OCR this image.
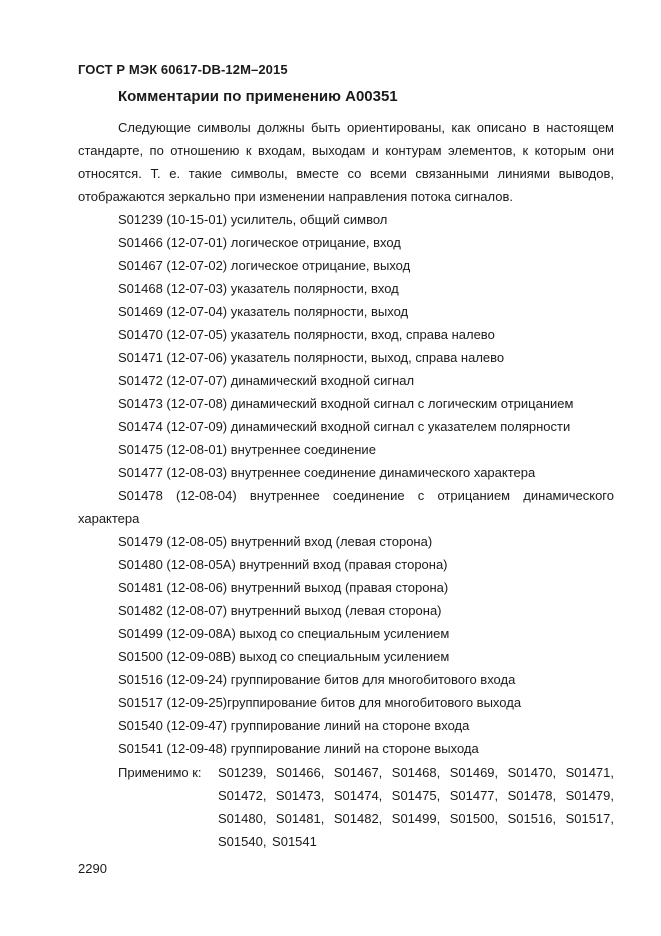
ГОСТ Р МЭК 60617-DB-12M–2015
Комментарии по применению A00351

Следующие символы должны быть ориентированы, как описано в настоящем стандарте, по отношению к входам, выходам и контурам элементов, к которым они относятся. Т. е. такие символы, вместе со всеми связанными линиями выводов, отображаются зеркально при изменении направления потока сигналов.

S01239 (10-15-01) усилитель, общий символ

S01466 (12-07-01) логическое отрицание, вход

S01467 (12-07-02) логическое отрицание, выход

S01468 (12-07-03) указатель полярности, вход

S01469 (12-07-04) указатель полярности, выход

S01470 (12-07-05) указатель полярности, вход, справа налево

S01471 (12-07-06) указатель полярности, выход, справа налево

S01472 (12-07-07) динамический входной сигнал

S01473 (12-07-08) динамический входной сигнал с логическим отрицанием

S01474 (12-07-09) динамический входной сигнал с указателем полярности

S01475 (12-08-01) внутреннее соединение

S01477 (12-08-03) внутреннее соединение динамического характера

S01478 (12-08-04) внутреннее соединение с отрицанием динамического характера

S01479 (12-08-05) внутренний вход (левая сторона)

S01480 (12-08-05A) внутренний вход (правая сторона)

S01481 (12-08-06) внутренний выход (правая сторона)

S01482 (12-08-07) внутренний выход (левая сторона)

S01499 (12-09-08A) выход со специальным усилением

S01500 (12-09-08B) выход со специальным усилением

S01516 (12-09-24) группирование битов для многобитового входа

S01517 (12-09-25)группирование битов для многобитового выхода

S01540 (12-09-47) группирование линий на стороне входа

S01541 (12-09-48) группирование линий на стороне выхода

Применимо к: S01239, S01466, S01467, S01468, S01469, S01470, S01471, S01472, S01473, S01474, S01475, S01477, S01478, S01479, S01480, S01481, S01482, S01499, S01500, S01516, S01517, S01540, S01541
2290
